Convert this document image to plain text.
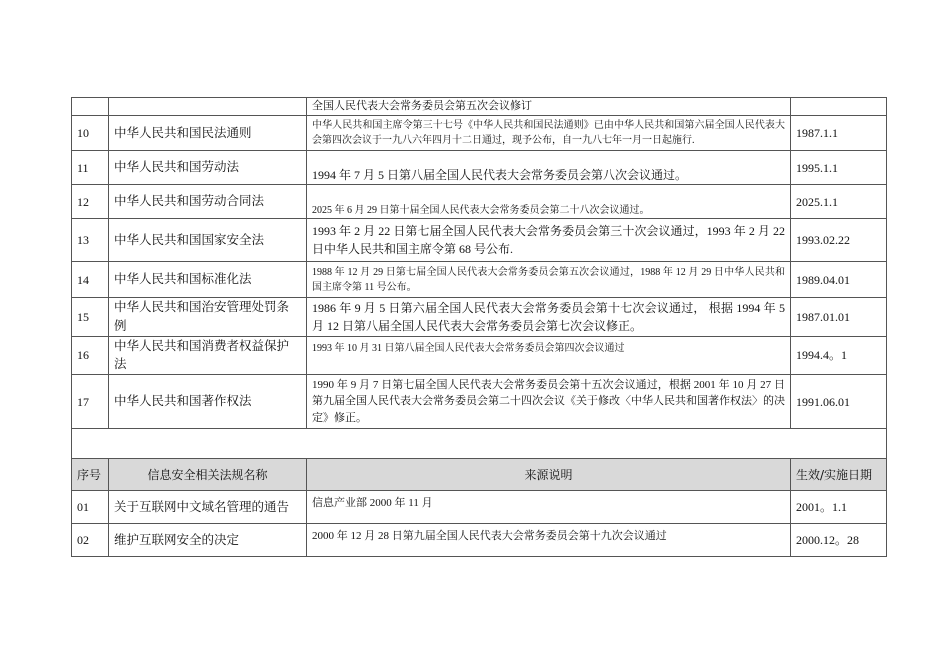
		全国人民代表大会常务委员会第五次会议修订	
10	中华人民共和国民法通则	中华人民共和国主席令第三十七号《中华人民共和国民法通则》已由中华人民共和国第六届全国人民代表大会第四次会议于一九八六年四月十二日通过，现予公布，自一九八七年一月一日起施行.	1987.1.1
11	中华人民共和国劳动法	1994 年 7 月 5 日第八届全国人民代表大会常务委员会第八次会议通过。	1995.1.1
12	中华人民共和国劳动合同法	2025 年 6 月 29 日第十届全国人民代表大会常务委员会第二十八次会议通过。	2025.1.1
13	中华人民共和国国家安全法	1993 年 2 月 22 日第七届全国人民代表大会常务委员会第三十次会议通过，1993 年 2 月 22 日中华人民共和国主席令第 68 号公布.	1993.02.22
14	中华人民共和国标准化法	1988 年 12 月 29 日第七届全国人民代表大会常务委员会第五次会议通过，1988 年 12 月 29 日中华人民共和国主席令第 11 号公布。	1989.04.01
15	中华人民共和国治安管理处罚条例	1986 年 9 月 5 日第六届全国人民代表大会常务委员会第十七次会议通过， 根据 1994 年 5 月 12 日第八届全国人民代表大会常务委员会第七次会议修正。	1987.01.01
16	中华人民共和国消费者权益保护法	1993 年 10 月 31 日第八届全国人民代表大会常务委员会第四次会议通过	1994.4。1
17	中华人民共和国著作权法	1990 年 9 月 7 日第七届全国人民代表大会常务委员会第十五次会议通过，根据 2001 年 10 月 27 日第九届全国人民代表大会常务委员会第二十四次会议《关于修改〈中华人民共和国著作权法〉的决定》修正。	1991.06.01

序号	信息安全相关法规名称	来源说明	生效/实施日期
01	关于互联网中文域名管理的通告	信息产业部 2000 年 11 月	2001。1.1
02	维护互联网安全的决定	2000 年 12 月 28 日第九届全国人民代表大会常务委员会第十九次会议通过	2000.12。28
